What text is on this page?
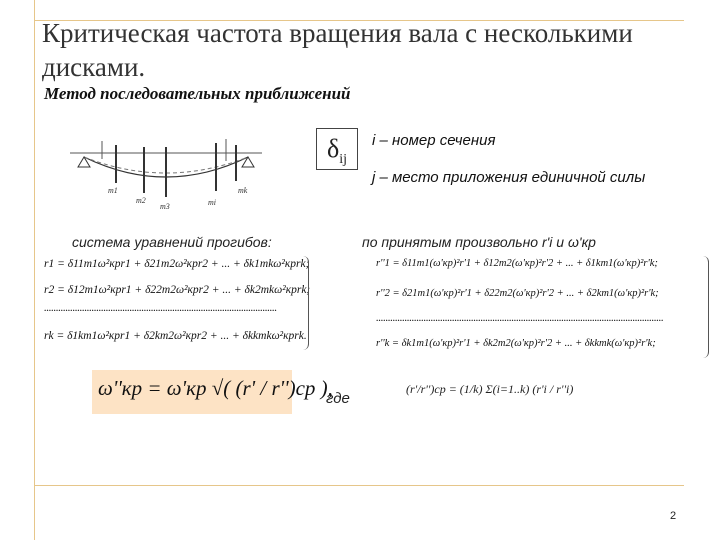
Критическая частота вращения вала с несколькими дисками.
Метод последовательных приближений
m1
m2
m3	mi
mk
$\delta_{ij}$
i – номер сечения
j – место приложения единичной силы
система уравнений прогибов:	по принятым произвольно r'i и ω'кр
r1 = δ11m1ω²крr1 + δ21m2ω²крr2 + ... + δk1mkω²крrk;
r2 = δ12m1ω²крr1 + δ22m2ω²крr2 + ... + δk2mkω²крrk;
..................................................................................................
rk = δ1km1ω²крr1 + δ2km2ω²крr2 + ... + δkkmkω²крrk.
r''1 = δ11m1(ω'кр)²r'1 + δ12m2(ω'кр)²r'2 + ... + δ1km1(ω'кр)²r'k;
r''2 = δ21m1(ω'кр)²r'1 + δ22m2(ω'кр)²r'2 + ... + δ2km1(ω'кр)²r'k;
.........................................................................................................................
r''k = δk1m1(ω'кр)²r'1 + δk2m2(ω'кр)²r'2 + ... + δkkmk(ω'кр)²r'k;
ω''кр = ω'кр √( (r' / r'')ср ),
где
(r'/r'')ср = (1/k) Σ(i=1..k) (r'i / r''i)
2
